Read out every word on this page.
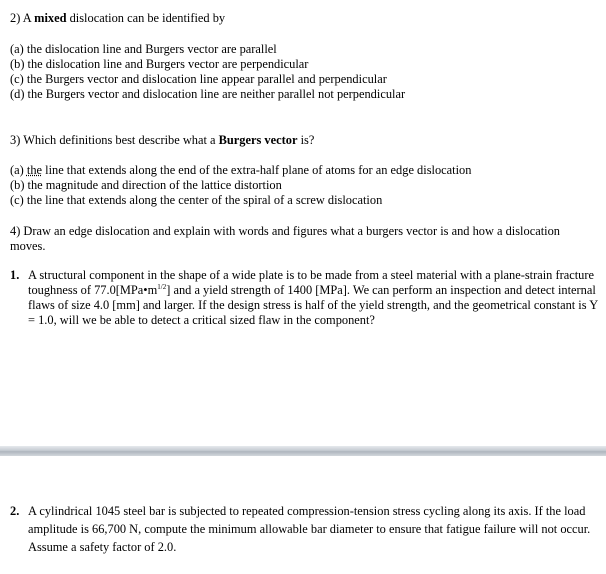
2) A mixed dislocation can be identified by
(a) the dislocation line and Burgers vector are parallel
(b) the dislocation line and Burgers vector are perpendicular
(c) the Burgers vector and dislocation line appear parallel and perpendicular
(d) the Burgers vector and dislocation line are neither parallel not perpendicular
3) Which definitions best describe what a Burgers vector is?
(a) the line that extends along the end of the extra-half plane of atoms for an edge dislocation
(b) the magnitude and direction of the lattice distortion
(c) the line that extends along the center of the spiral of a screw dislocation
4) Draw an edge dislocation and explain with words and figures what a burgers vector is and how a dislocation
moves.
1. A structural component in the shape of a wide plate is to be made from a steel material with a plane-strain fracture toughness of $77.0[MPa•m^{1/2}]$ and a yield strength of 1400 [MPa]. We can perform an inspection and detect internal flaws of size 4.0 [mm] and larger. If the design stress is half of the yield strength, and the geometrical constant is Y = 1.0, will we be able to detect a critical sized flaw in the component?
2. A cylindrical 1045 steel bar is subjected to repeated compression-tension stress cycling along its axis. If the load amplitude is 66,700 N, compute the minimum allowable bar diameter to ensure that fatigue failure will not occur. Assume a safety factor of 2.0.
